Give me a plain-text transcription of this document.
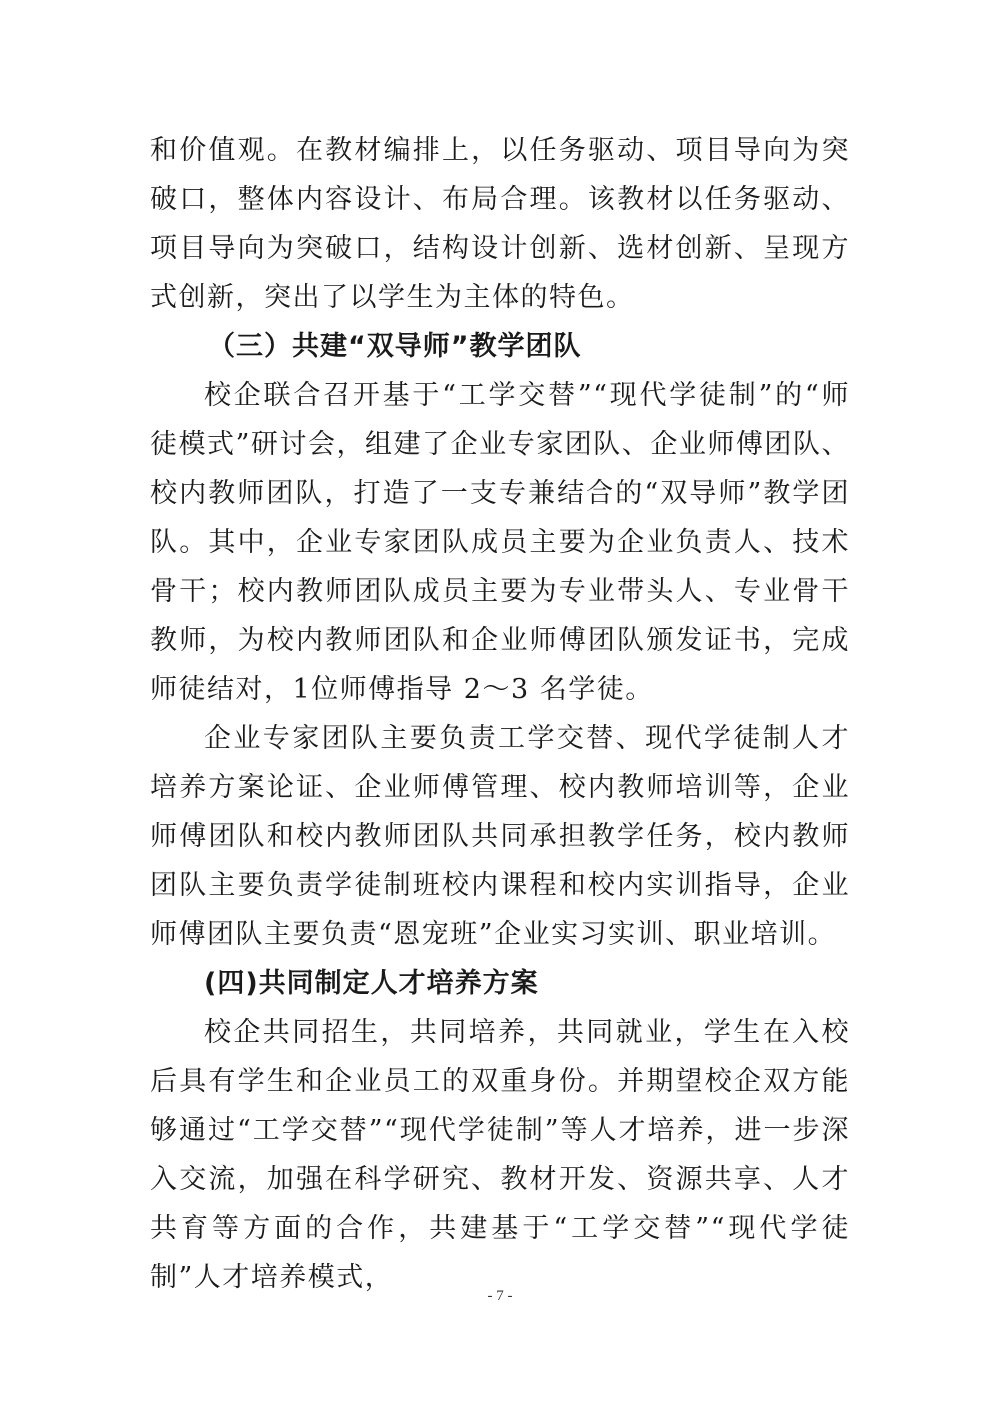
和价值观。在教材编排上，以任务驱动、项目导向为突破口，整体内容设计、布局合理。该教材以任务驱动、项目导向为突破口，结构设计创新、选材创新、呈现方式创新，突出了以学生为主体的特色。

（三）共建“双导师”教学团队

校企联合召开基于“工学交替”“现代学徒制”的“师徒模式”研讨会，组建了企业专家团队、企业师傅团队、校内教师团队，打造了一支专兼结合的“双导师”教学团队。其中，企业专家团队成员主要为企业负责人、技术骨干；校内教师团队成员主要为专业带头人、专业骨干教师，为校内教师团队和企业师傅团队颁发证书，完成师徒结对，1位师傅指导 2～3 名学徒。

企业专家团队主要负责工学交替、现代学徒制人才培养方案论证、企业师傅管理、校内教师培训等，企业师傅团队和校内教师团队共同承担教学任务，校内教师团队主要负责学徒制班校内课程和校内实训指导，企业师傅团队主要负责“恩宠班”企业实习实训、职业培训。

(四)共同制定人才培养方案

校企共同招生，共同培养，共同就业，学生在入校后具有学生和企业员工的双重身份。并期望校企双方能够通过“工学交替”“现代学徒制”等人才培养，进一步深入交流，加强在科学研究、教材开发、资源共享、人才共育等方面的合作，共建基于“工学交替”“现代学徒制”人才培养模式，

- 7 -
